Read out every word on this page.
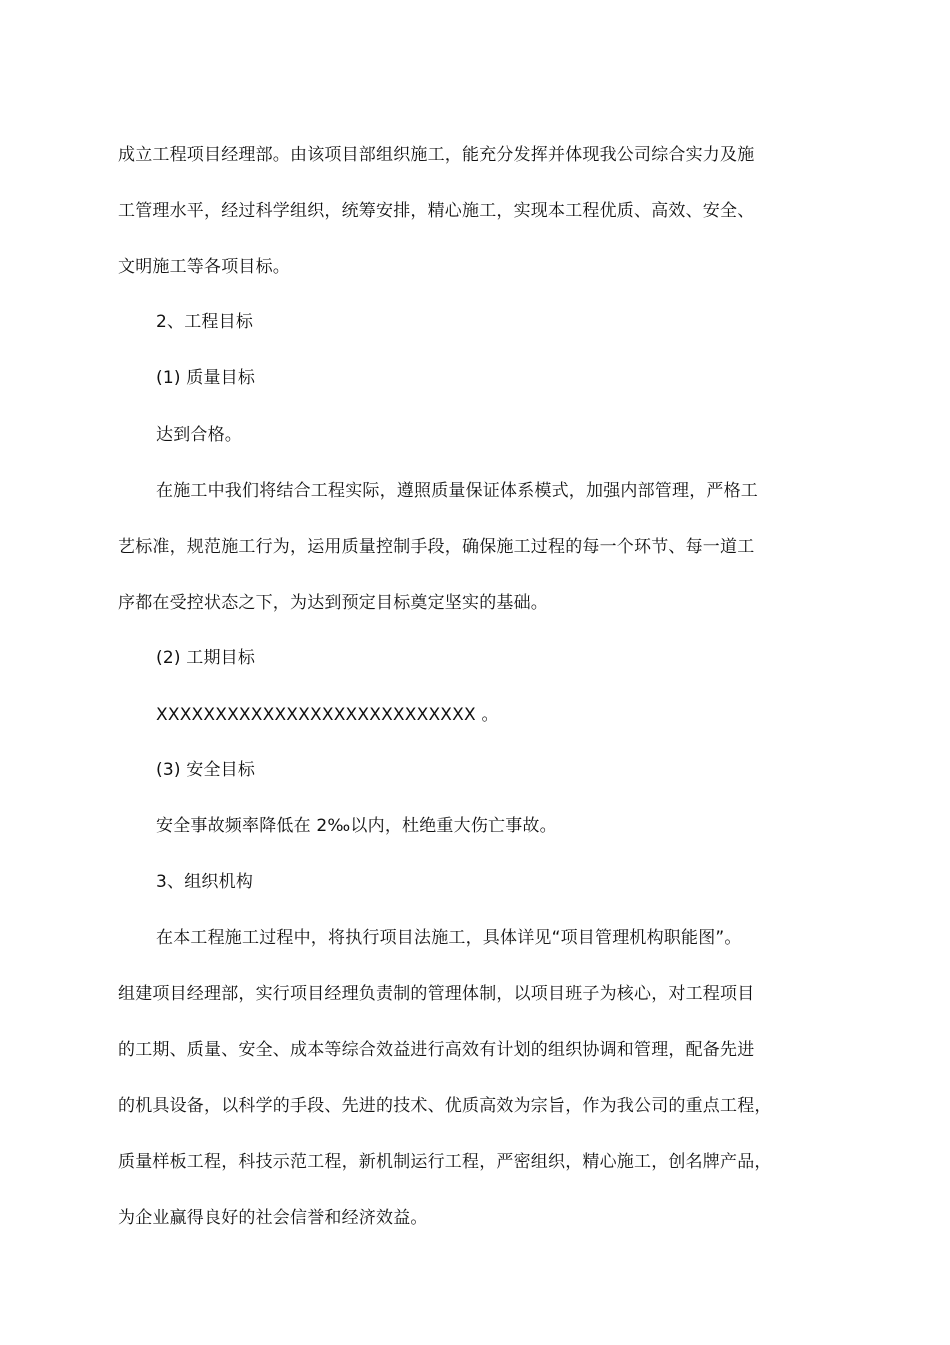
成立工程项目经理部。由该项目部组织施工，能充分发挥并体现我公司综合实力及施
工管理水平，经过科学组织，统筹安排，精心施工，实现本工程优质、高效、安全、
文明施工等各项目标。
2、工程目标
(1) 质量目标
达到合格。
在施工中我们将结合工程实际，遵照质量保证体系模式，加强内部管理，严格工
艺标准，规范施工行为，运用质量控制手段，确保施工过程的每一个环节、每一道工
序都在受控状态之下，为达到预定目标奠定坚实的基础。
(2) 工期目标
XXXXXXXXXXXXXXXXXXXXXXXXXXX 。
(3) 安全目标
安全事故频率降低在 2‰以内，杜绝重大伤亡事故。
3、组织机构
在本工程施工过程中，将执行项目法施工，具体详见“项目管理机构职能图”。
组建项目经理部，实行项目经理负责制的管理体制，以项目班子为核心，对工程项目
的工期、质量、安全、成本等综合效益进行高效有计划的组织协调和管理，配备先进
的机具设备，以科学的手段、先进的技术、优质高效为宗旨，作为我公司的重点工程，
质量样板工程，科技示范工程，新机制运行工程，严密组织，精心施工，创名牌产品，
为企业赢得良好的社会信誉和经济效益。
